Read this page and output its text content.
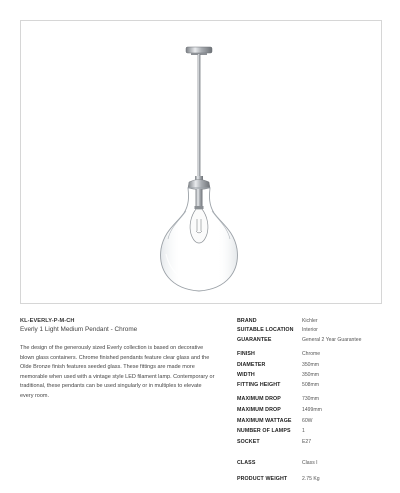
KL-EVERLY-P-M-CH
Everly 1 Light Medium Pendant - Chrome
The design of the generously sized Everly collection is based on decorative blown glass containers. Chrome finished pendants feature clear glass and the Olde Bronze finish features seeded glass. These fittings are made more memorable when used with a vintage style LED filament lamp. Contemporary or traditional, these pendants can be used singularly or in multiples to elevate every room.
BRAND	Kichler
SUITABLE LOCATION Interior
GUARANTEE	General 2 Year Guarantee
FINISH	Chrome
DIAMETER	350mm
WIDTH	350mm
FITTING HEIGHT	508mm
MAXIMUM DROP	730mm
MAXIMUM DROP	1499mm
MAXIMUM WATTAGE 60W
NUMBER OF LAMPS 1
SOCKET	E27
CLASS	Class I
PRODUCT WEIGHT	2.75 Kg
